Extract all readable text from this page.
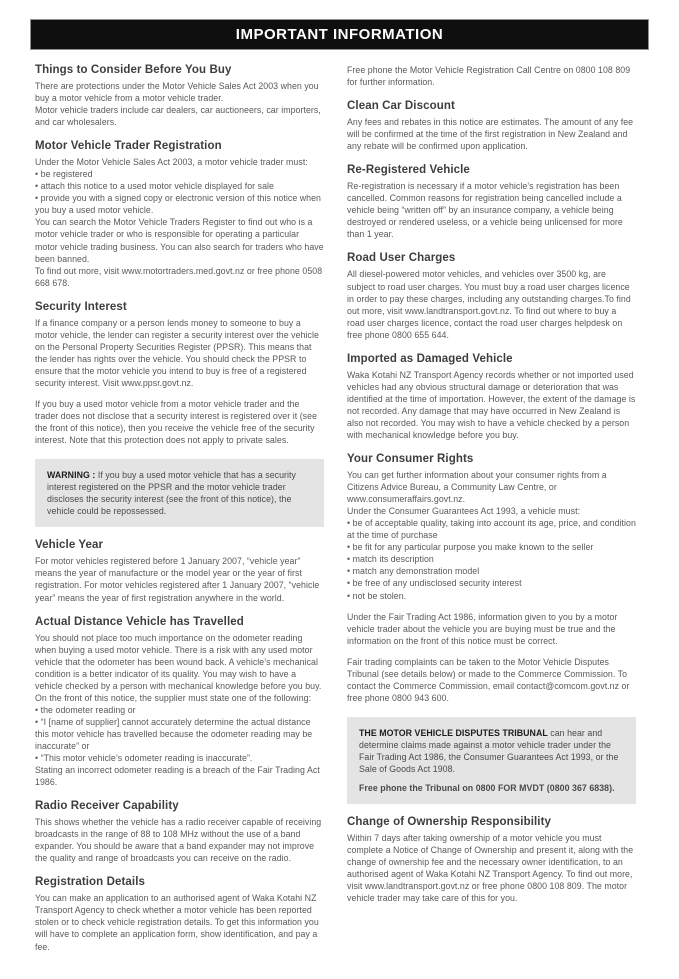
IMPORTANT INFORMATION
Things to Consider Before You Buy

There are protections under the Motor Vehicle Sales Act 2003 when you buy a motor vehicle from a motor vehicle trader.

Motor vehicle traders include car dealers, car auctioneers, car importers, and car wholesalers.

Motor Vehicle Trader Registration

Under the Motor Vehicle Sales Act 2003, a motor vehicle trader must:

• be registered

• attach this notice to a used motor vehicle displayed for sale

• provide you with a signed copy or electronic version of this notice when you buy a used motor vehicle.

You can search the Motor Vehicle Traders Register to find out who is a motor vehicle trader or who is responsible for operating a particular motor vehicle trading business. You can also search for traders who have been banned.

To find out more, visit www.motortraders.med.govt.nz or free phone 0508 668 678.

Security Interest

If a finance company or a person lends money to someone to buy a motor vehicle, the lender can register a security interest over the vehicle on the Personal Property Securities Register (PPSR). This means that the lender has rights over the vehicle. You should check the PPSR to ensure that the motor vehicle you intend to buy is free of a registered security interest. Visit www.ppsr.govt.nz.

If you buy a used motor vehicle from a motor vehicle trader and the trader does not disclose that a security interest is registered over it (see the front of this notice), then you receive the vehicle free of the security interest. Note that this protection does not apply to private sales.

WARNING : If you buy a used motor vehicle that has a security interest registered on the PPSR and the motor vehicle trader discloses the security interest (see the front of this notice), the vehicle could be repossessed.

Vehicle Year

For motor vehicles registered before 1 January 2007, “vehicle year” means the year of manufacture or the model year or the year of first registration. For motor vehicles registered after 1 January 2007, “vehicle year” means the year of first registration anywhere in the world.

Actual Distance Vehicle has Travelled

You should not place too much importance on the odometer reading when buying a used motor vehicle. There is a risk with any used motor vehicle that the odometer has been wound back. A vehicle’s mechanical condition is a better indicator of its quality. You may wish to have a vehicle checked by a person with mechanical knowledge before you buy.

On the front of this notice, the supplier must state one of the following:

• the odometer reading or

• “I [name of supplier] cannot accurately determine the actual distance this motor vehicle has travelled because the odometer reading may be inaccurate” or

• “This motor vehicle’s odometer reading is inaccurate”.

Stating an incorrect odometer reading is a breach of the Fair Trading Act 1986.

Radio Receiver Capability

This shows whether the vehicle has a radio receiver capable of receiving broadcasts in the range of 88 to 108 MHz without the use of a band expander. You should be aware that a band expander may not improve the quality and range of broadcasts you can receive on the radio.

Registration Details

You can make an application to an authorised agent of Waka Kotahi NZ Transport Agency to check whether a motor vehicle has been reported stolen or to check vehicle registration details. To get this information you will have to complete an application form, show identification, and pay a fee.

Free phone the Motor Vehicle Registration Call Centre on 0800 108 809 for further information.

Clean Car Discount

Any fees and rebates in this notice are estimates. The amount of any fee will be confirmed at the time of the first registration in New Zealand and any rebate will be confirmed upon application.

Re-Registered Vehicle

Re-registration is necessary if a motor vehicle’s registration has been cancelled. Common reasons for registration being cancelled include a vehicle being “written off” by an insurance company, a vehicle being destroyed or rendered useless, or a vehicle being unlicensed for more than 1 year.

Road User Charges

All diesel-powered motor vehicles, and vehicles over 3500 kg, are subject to road user charges. You must buy a road user charges licence in order to pay these charges, including any outstanding charges.To find out more, visit www.landtransport.govt.nz. To find out where to buy a road user charges licence, contact the road user charges helpdesk on free phone 0800 655 644.

Imported as Damaged Vehicle

Waka Kotahi NZ Transport Agency records whether or not imported used vehicles had any obvious structural damage or deterioration that was identified at the time of importation. However, the extent of the damage is not recorded. Any damage that may have occurred in New Zealand is also not recorded. You may wish to have a vehicle checked by a person with mechanical knowledge before you buy.

Your Consumer Rights

You can get further information about your consumer rights from a Citizens Advice Bureau, a Community Law Centre, or www.consumeraffairs.govt.nz.

Under the Consumer Guarantees Act 1993, a vehicle must:

• be of acceptable quality, taking into account its age, price, and condition at the time of purchase

• be fit for any particular purpose you make known to the seller

• match its description

• match any demonstration model

• be free of any undisclosed security interest

• not be stolen.

Under the Fair Trading Act 1986, information given to you by a motor vehicle trader about the vehicle you are buying must be true and the information on the front of this notice must be correct.

Fair trading complaints can be taken to the Motor Vehicle Disputes Tribunal (see details below) or made to the Commerce Commission. To contact the Commerce Commission, email contact@comcom.govt.nz or free phone 0800 943 600.

THE MOTOR VEHICLE DISPUTES TRIBUNAL can hear and determine claims made against a motor vehicle trader under the Fair Trading Act 1986, the Consumer Guarantees Act 1993, or the Sale of Goods Act 1908.

Free phone the Tribunal on 0800 FOR MVDT (0800 367 6838).

Change of Ownership Responsibility

Within 7 days after taking ownership of a motor vehicle you must complete a Notice of Change of Ownership and present it, along with the change of ownership fee and the necessary owner identification, to an authorised agent of Waka Kotahi NZ Transport Agency. To find out more, visit www.landtransport.govt.nz or free phone 0800 108 809. The motor vehicle trader may take care of this for you.
